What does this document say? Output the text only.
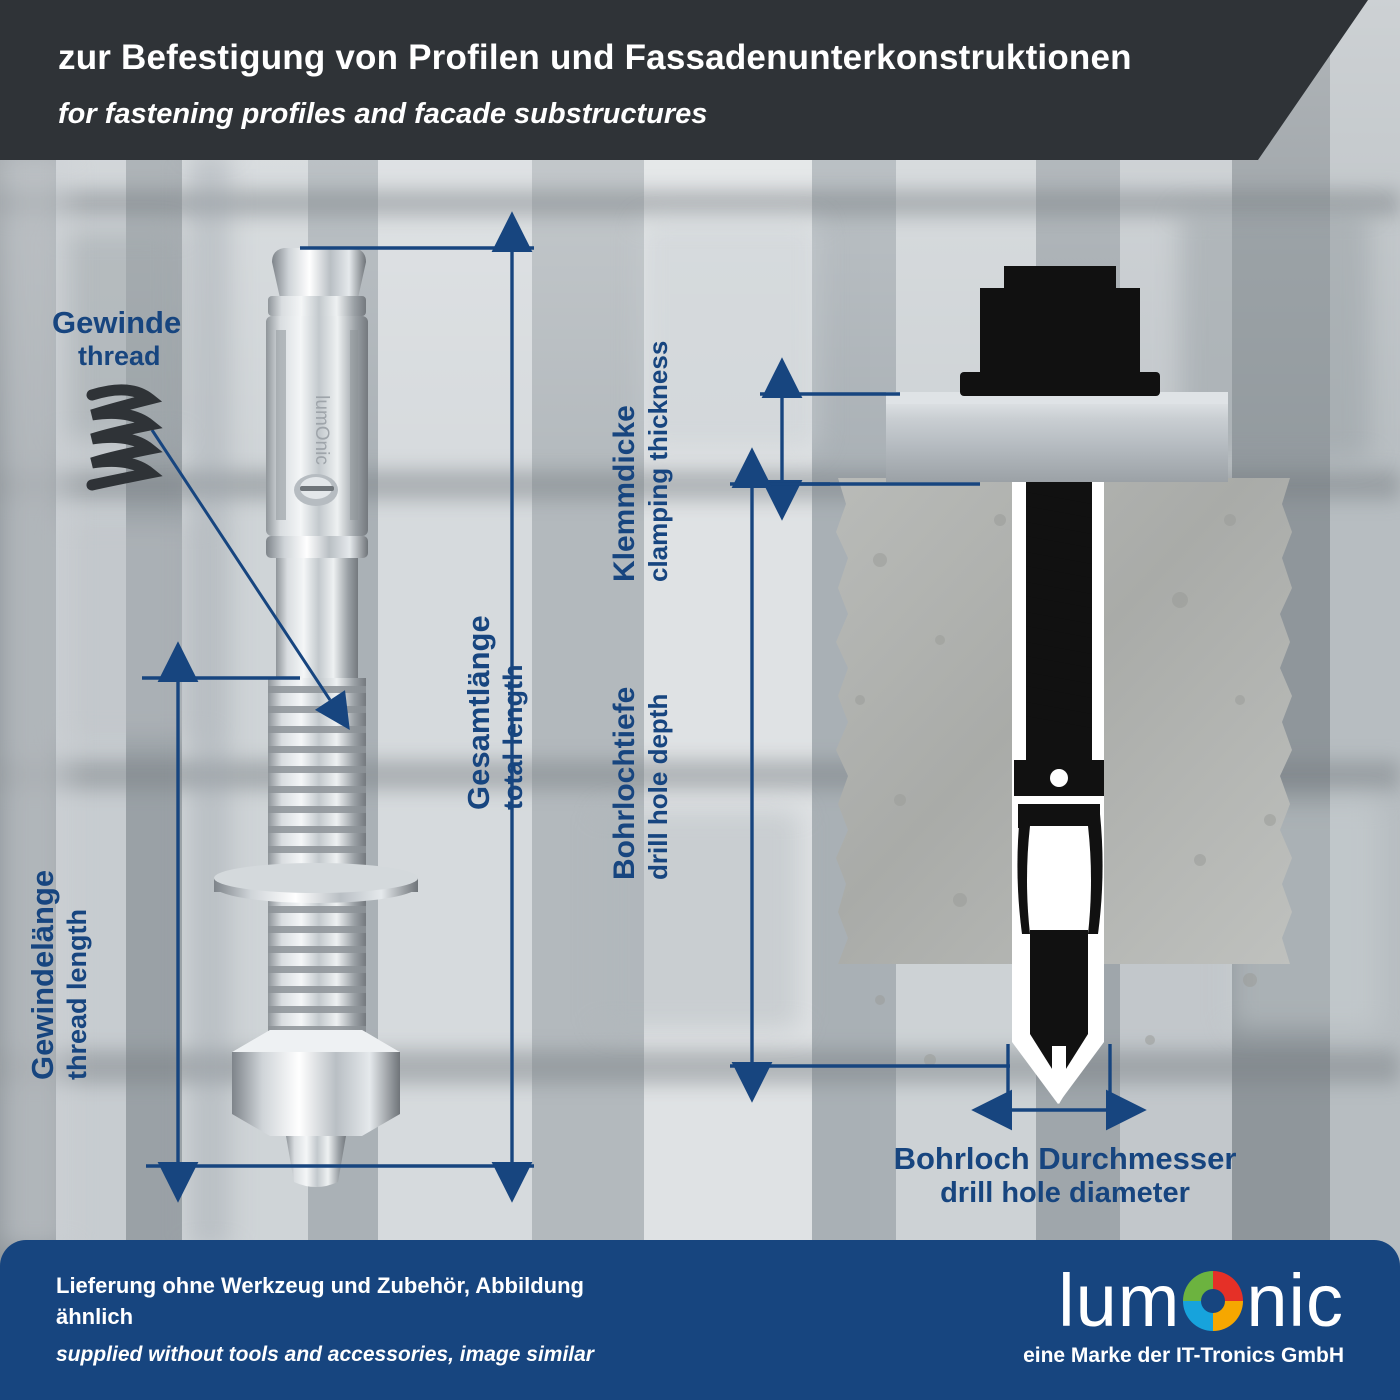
lumOnic
Gewinde
thread
Gesamtlänge total length
Gewindelänge thread length
Klemmdicke clamping thickness
Bohrlochtiefe drill hole depth
Bohrloch Durchmesser
drill hole diameter
zur Befestigung von Profilen und Fassadenunterkonstruktionen
for fastening profiles and facade substructures
Lieferung ohne Werkzeug und Zubehör, Abbildung ähnlich
supplied without tools and accessories, image similar
lum nic
eine Marke der IT-Tronics GmbH
